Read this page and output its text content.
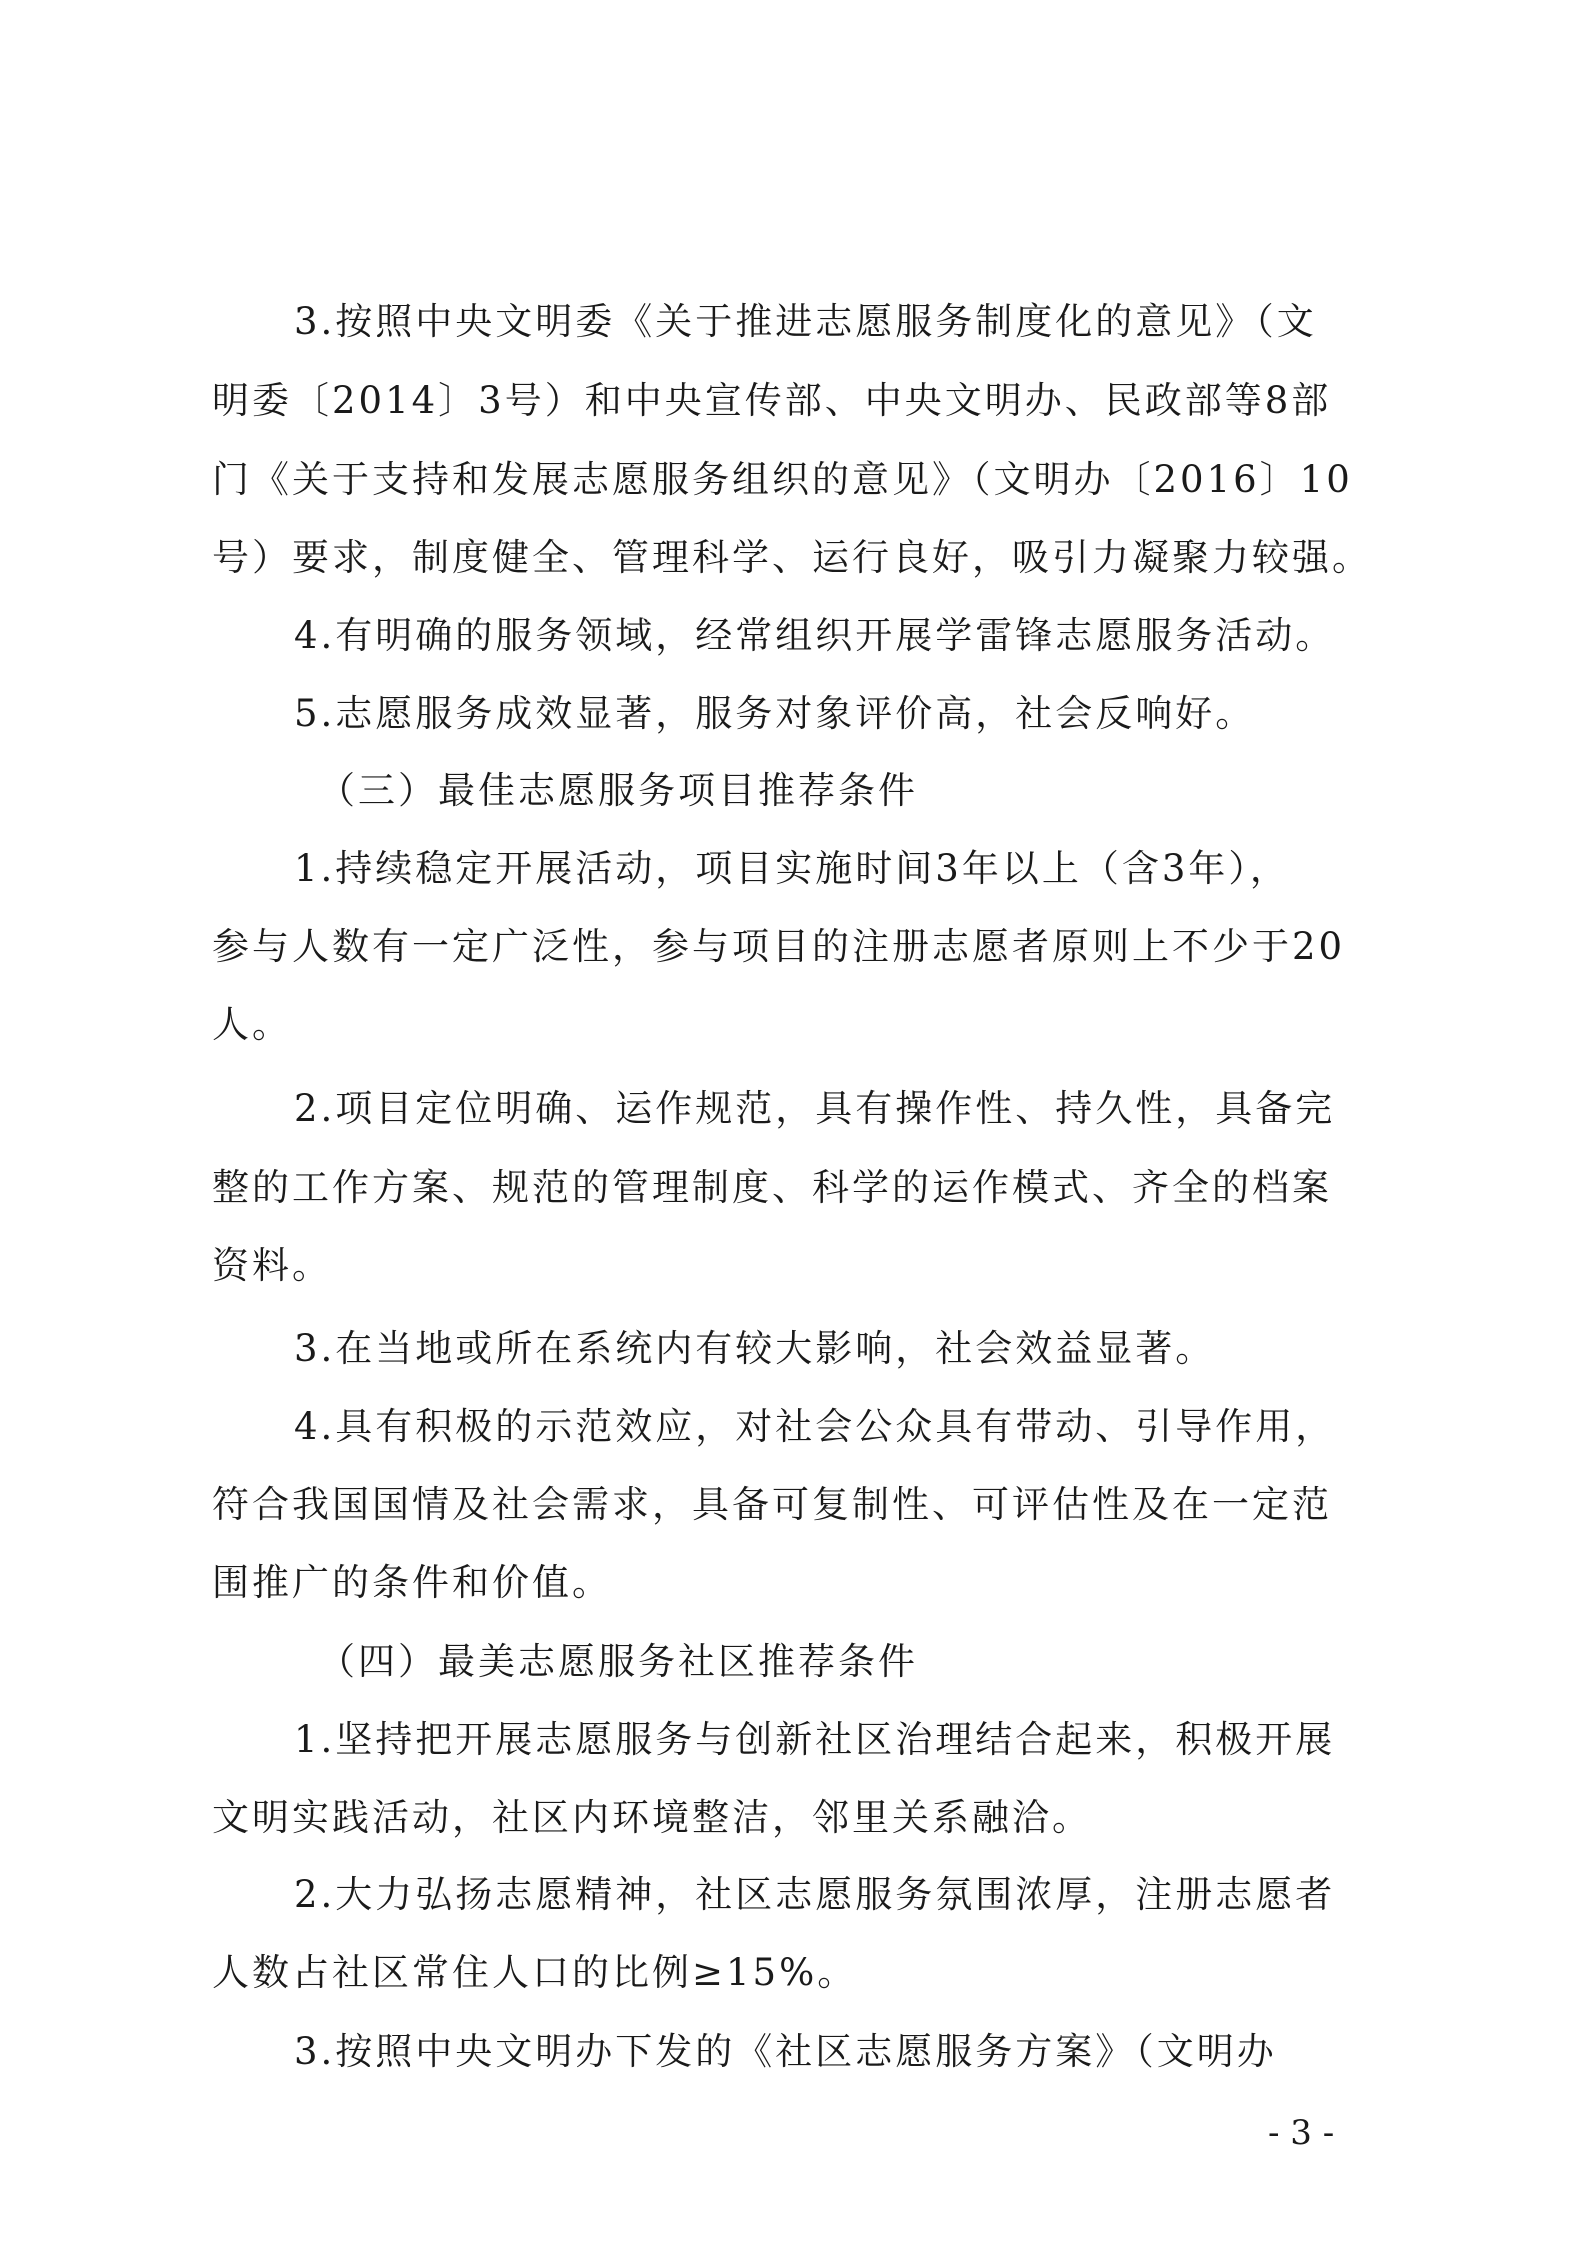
3.按照中央文明委《关于推进志愿服务制度化的意见》（文
明委〔2014〕3号）和中央宣传部、中央文明办、民政部等8部
门《关于支持和发展志愿服务组织的意见》（文明办〔2016〕10
号）要求，制度健全、管理科学、运行良好，吸引力凝聚力较强。
4.有明确的服务领域，经常组织开展学雷锋志愿服务活动。
5.志愿服务成效显著，服务对象评价高，社会反响好。
（三）最佳志愿服务项目推荐条件
1.持续稳定开展活动，项目实施时间3年以上（含3年），
参与人数有一定广泛性，参与项目的注册志愿者原则上不少于20
人。
2.项目定位明确、运作规范，具有操作性、持久性，具备完
整的工作方案、规范的管理制度、科学的运作模式、齐全的档案
资料。
3.在当地或所在系统内有较大影响，社会效益显著。
4.具有积极的示范效应，对社会公众具有带动、引导作用，
符合我国国情及社会需求，具备可复制性、可评估性及在一定范
围推广的条件和价值。
（四）最美志愿服务社区推荐条件
1.坚持把开展志愿服务与创新社区治理结合起来，积极开展
文明实践活动，社区内环境整洁，邻里关系融洽。
2.大力弘扬志愿精神，社区志愿服务氛围浓厚，注册志愿者
人数占社区常住人口的比例≥15%。
3.按照中央文明办下发的《社区志愿服务方案》（文明办
- 3 -
